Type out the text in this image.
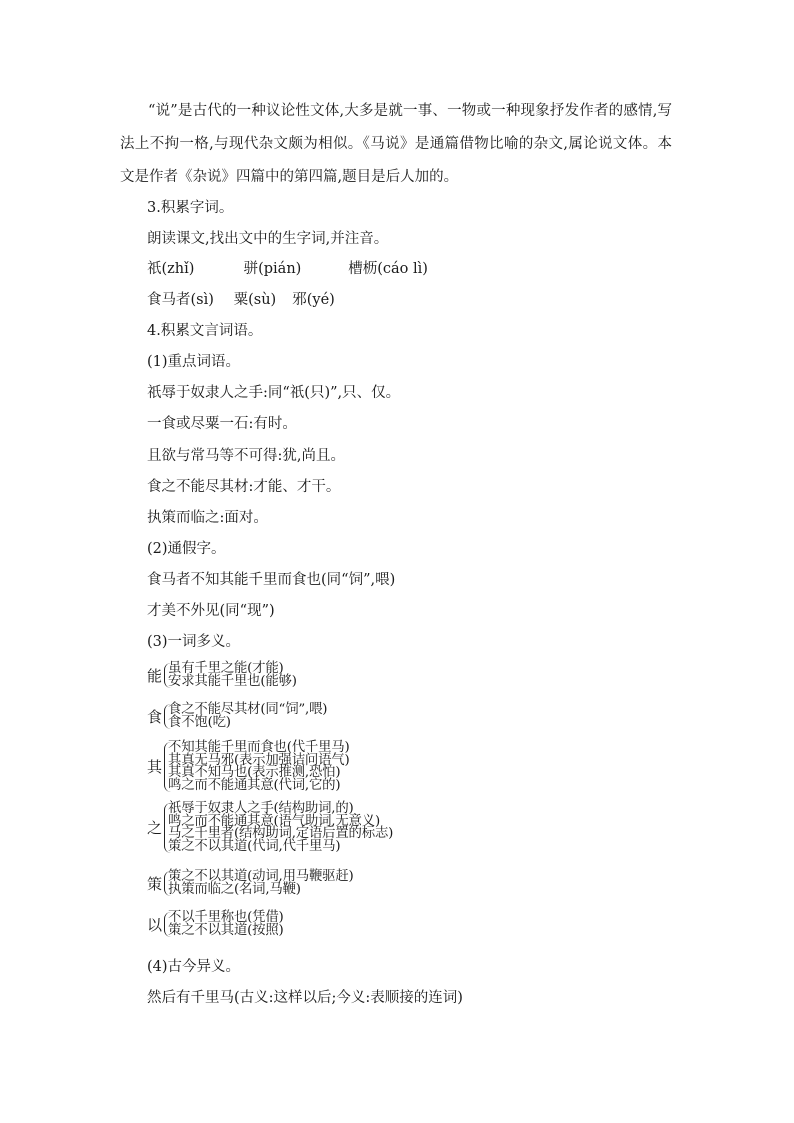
“说”是古代的一种议论性文体,大多是就一事、一物或一种现象抒发作者的感情,写法上不拘一格,与现代杂文颇为相似。《马说》是通篇借物比喻的杂文,属论说文体。本文是作者《杂说》四篇中的第四篇,题目是后人加的。

3.积累字词。

朗读课文,找出文中的生字词,并注音。

祇(zhǐ)	骈(pián)	槽枥(cáo lì)
食马者(sì) 粟(sù) 邪(yé)

4.积累文言词语。

(1)重点词语。

祇辱于奴隶人之手:同“祇(只)”,只、仅。

一食或尽粟一石:有时。

且欲与常马等不可得:犹,尚且。

食之不能尽其材:才能、才干。

执策而临之:面对。

(2)通假字。

食马者不知其能千里而食也(同“饲”,喂)

才美不外见(同“现”)

(3)一词多义。

能 虽有千里之能(才能)
安求其能千里也(能够)
食 食之不能尽其材(同“饲”,喂)
食不饱(吃)
其
不知其能千里而食也(代千里马)
其真无马邪(表示加强诘问语气)
其真不知马也(表示推测,恐怕)
鸣之而不能通其意(代词,它的)
之
祇辱于奴隶人之手(结构助词,的)
鸣之而不能通其意(语气助词,无意义)
马之千里者(结构助词,定语后置的标志)
策之不以其道(代词,代千里马)
策 策之不以其道(动词,用马鞭驱赶)
执策而临之(名词,马鞭)
以 不以千里称也(凭借)
策之不以其道(按照)

(4)古今异义。

然后有千里马(古义:这样以后;今义:表顺接的连词)
